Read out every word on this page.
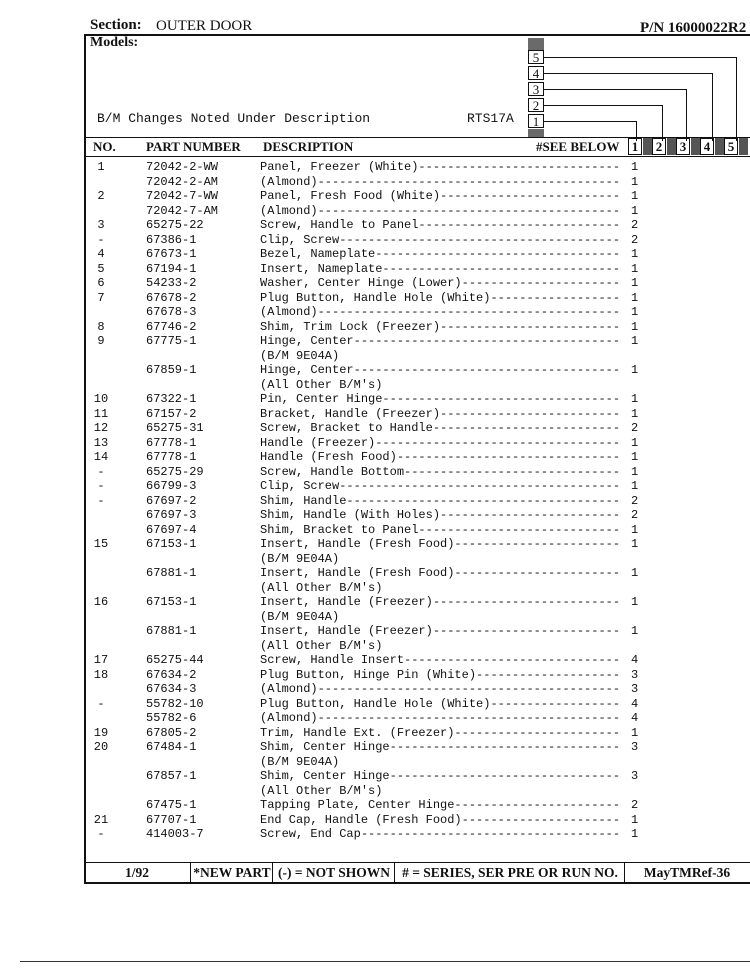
Section: OUTER DOOR	P/N 16000022R2
Models:
B/M Changes Noted Under Description	RTS17A
5
4
3
2
1
NO. PART NUMBER DESCRIPTION	#SEE BELOW 1 2 3 4 5
1	72042-2-WW	Panel, Freezer (White)---------------------------- 1
72042-2-AM	(Almond)------------------------------------------ 1
2	72042-7-WW	Panel, Fresh Food (White)------------------------- 1
72042-7-AM	(Almond)------------------------------------------ 1
3	65275-22	Screw, Handle to Panel---------------------------- 2
-	67386-1	Clip, Screw--------------------------------------- 2
4	67673-1	Bezel, Nameplate---------------------------------- 1
5	67194-1	Insert, Nameplate--------------------------------- 1
6	54233-2	Washer, Center Hinge (Lower)---------------------- 1
7	67678-2	Plug Button, Handle Hole (White)------------------ 1
67678-3	(Almond)------------------------------------------ 1
8	67746-2	Shim, Trim Lock (Freezer)------------------------- 1
9	67775-1	Hinge, Center------------------------------------- 1
(B/M 9E04A)
67859-1	Hinge, Center------------------------------------- 1
(All Other B/M's)
10	67322-1	Pin, Center Hinge--------------------------------- 1
11	67157-2	Bracket, Handle (Freezer)------------------------- 1
12	65275-31	Screw, Bracket to Handle-------------------------- 2
13	67778-1	Handle (Freezer)---------------------------------- 1
14	67778-1	Handle (Fresh Food)------------------------------- 1
-	65275-29	Screw, Handle Bottom------------------------------ 1
-	66799-3	Clip, Screw--------------------------------------- 1
-	67697-2	Shim, Handle-------------------------------------- 2
67697-3	Shim, Handle (With Holes)------------------------- 2
67697-4	Shim, Bracket to Panel---------------------------- 1
15	67153-1	Insert, Handle (Fresh Food)----------------------- 1
(B/M 9E04A)
67881-1	Insert, Handle (Fresh Food)----------------------- 1
(All Other B/M's)
16	67153-1	Insert, Handle (Freezer)-------------------------- 1
(B/M 9E04A)
67881-1	Insert, Handle (Freezer)-------------------------- 1
(All Other B/M's)
17	65275-44	Screw, Handle Insert------------------------------ 4
18	67634-2	Plug Button, Hinge Pin (White)-------------------- 3
67634-3	(Almond)------------------------------------------ 3
-	55782-10	Plug Button, Handle Hole (White)------------------ 4
55782-6	(Almond)------------------------------------------ 4
19	67805-2	Trim, Handle Ext. (Freezer)----------------------- 1
20	67484-1	Shim, Center Hinge-------------------------------- 3
(B/M 9E04A)
67857-1	Shim, Center Hinge-------------------------------- 3
(All Other B/M's)
67475-1	Tapping Plate, Center Hinge----------------------- 2
21	67707-1	End Cap, Handle (Fresh Food)---------------------- 1
-	414003-7	Screw, End Cap------------------------------------ 1
1/92	*NEW PART (-) = NOT SHOWN # = SERIES, SER PRE OR RUN NO.	MayTMRef-36
